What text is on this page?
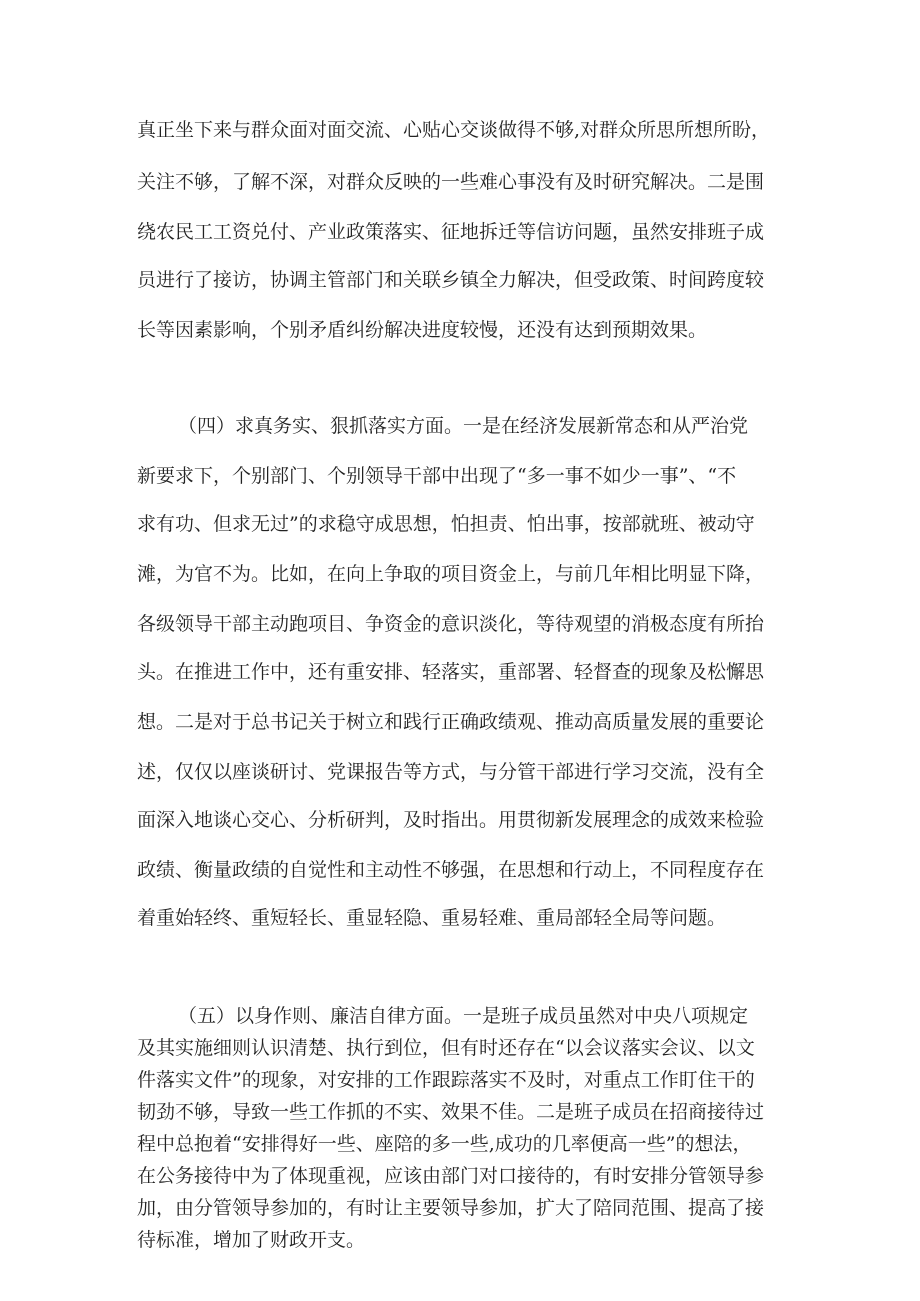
真正坐下来与群众面对面交流、心贴心交谈做得不够,对群众所思所想所盼，
关注不够，了解不深，对群众反映的一些难心事没有及时研究解决。二是围
绕农民工工资兑付、产业政策落实、征地拆迁等信访问题，虽然安排班子成
员进行了接访，协调主管部门和关联乡镇全力解决，但受政策、时间跨度较
长等因素影响，个别矛盾纠纷解决进度较慢，还没有达到预期效果。
（四）求真务实、狠抓落实方面。一是在经济发展新常态和从严治党
新要求下，个别部门、个别领导干部中出现了“多一事不如少一事”、“不
求有功、但求无过”的求稳守成思想，怕担责、怕出事，按部就班、被动守
滩，为官不为。比如，在向上争取的项目资金上，与前几年相比明显下降，
各级领导干部主动跑项目、争资金的意识淡化，等待观望的消极态度有所抬
头。在推进工作中，还有重安排、轻落实，重部署、轻督查的现象及松懈思
想。二是对于总书记关于树立和践行正确政绩观、推动高质量发展的重要论
述，仅仅以座谈研讨、党课报告等方式，与分管干部进行学习交流，没有全
面深入地谈心交心、分析研判，及时指出。用贯彻新发展理念的成效来检验
政绩、衡量政绩的自觉性和主动性不够强，在思想和行动上，不同程度存在
着重始轻终、重短轻长、重显轻隐、重易轻难、重局部轻全局等问题。
（五）以身作则、廉洁自律方面。一是班子成员虽然对中央八项规定
及其实施细则认识清楚、执行到位，但有时还存在“以会议落实会议、以文
件落实文件”的现象，对安排的工作跟踪落实不及时，对重点工作盯住干的
韧劲不够，导致一些工作抓的不实、效果不佳。二是班子成员在招商接待过
程中总抱着“安排得好一些、座陪的多一些,成功的几率便高一些”的想法，
在公务接待中为了体现重视，应该由部门对口接待的，有时安排分管领导参
加，由分管领导参加的，有时让主要领导参加，扩大了陪同范围、提高了接
待标准，增加了财政开支。
